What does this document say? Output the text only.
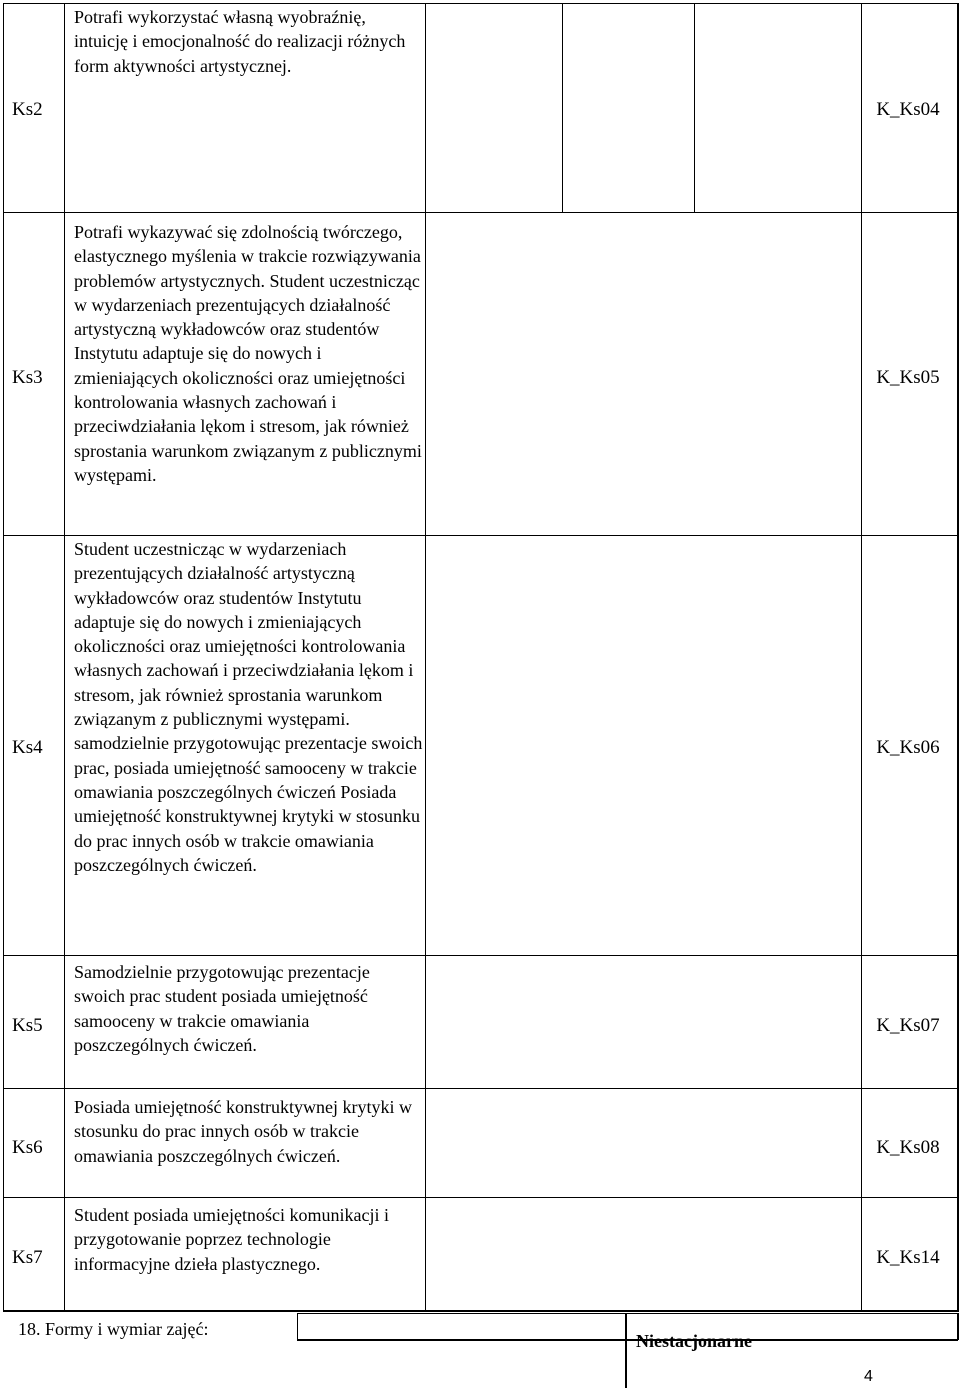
Ks2
Potrafi wykorzystać własną wyobraźnię, intuicję i emocjonalność do realizacji różnych form aktywności artystycznej.
K_Ks04
Ks3
Potrafi wykazywać się zdolnością twórczego, elastycznego myślenia w trakcie rozwiązywania problemów artystycznych. Student uczestnicząc w wydarzeniach prezentujących działalność artystyczną wykładowców oraz studentów Instytutu adaptuje się do nowych i zmieniających okoliczności oraz umiejętności kontrolowania własnych zachowań i przeciwdziałania lękom i stresom, jak również sprostania warunkom związanym z publicznymi występami.
K_Ks05
Ks4
Student uczestnicząc w wydarzeniach prezentujących działalność artystyczną wykładowców oraz studentów Instytutu adaptuje się do nowych i zmieniających okoliczności oraz umiejętności kontrolowania własnych zachowań i przeciwdziałania lękom i stresom, jak również sprostania warunkom związanym z publicznymi występami. samodzielnie przygotowując prezentacje swoich prac, posiada umiejętność samooceny w trakcie omawiania poszczególnych ćwiczeń Posiada umiejętność konstruktywnej krytyki w stosunku do prac innych osób w trakcie omawiania poszczególnych ćwiczeń.
K_Ks06
Ks5
Samodzielnie przygotowując prezentacje swoich prac student posiada umiejętność samooceny w trakcie omawiania poszczególnych ćwiczeń.
K_Ks07
Ks6
Posiada umiejętność konstruktywnej krytyki w stosunku do prac innych osób w trakcie omawiania poszczególnych ćwiczeń.	K_Ks08
Ks7
Student posiada umiejętności komunikacji i przygotowanie poprzez technologie informacyjne dzieła plastycznego.	K_Ks14
18. Formy i wymiar zajęć:
Niestacjonarne
4
